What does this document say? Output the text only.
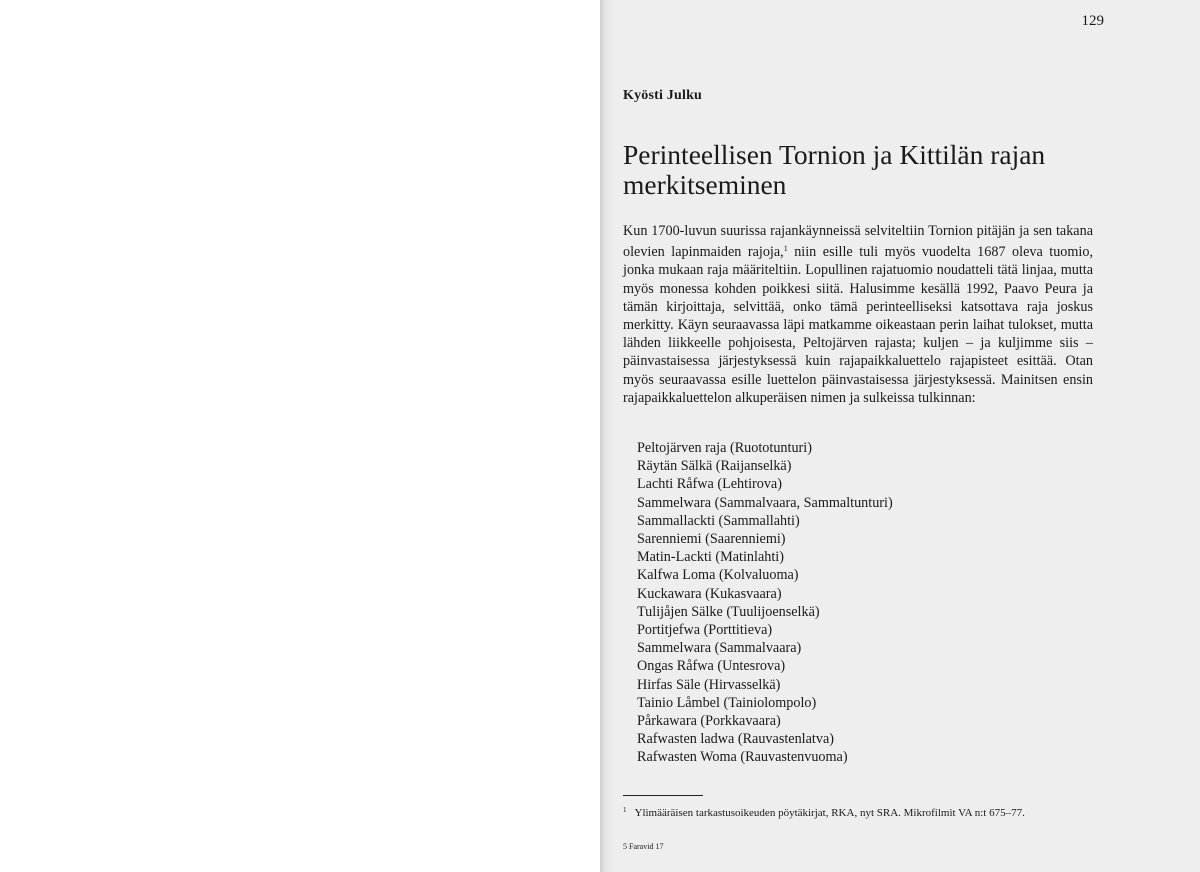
129
Kyösti Julku
Perinteellisen Tornion ja Kittilän rajan
merkitseminen

Kun 1700-luvun suurissa rajankäynneissä selviteltiin Tornion pitäjän ja sen takana olevien lapinmaiden rajoja,$^1$ niin esille tuli myös vuodelta 1687 oleva tuomio, jonka mukaan raja määriteltiin. Lopullinen rajatuomio noudatteli tätä linjaa, mutta myös monessa kohden poikkesi siitä. Halusimme kesällä 1992, Paavo Peura ja tämän kirjoittaja, selvittää, onko tämä perinteelliseksi katsottava raja joskus merkitty. Käyn seuraavassa läpi matkamme oikeastaan perin laihat tulokset, mutta lähden liikkeelle pohjoisesta, Peltojärven rajasta; kuljen – ja kuljimme siis – päinvastaisessa järjestyksessä kuin rajapaikkaluettelo rajapisteet esittää. Otan myös seuraavassa esille luettelon päinvastaisessa järjestyksessä. Mainitsen ensin rajapaikkaluettelon alkuperäisen nimen ja sulkeissa tulkinnan:

Peltojärven raja (Ruototunturi)
Räytän Sälkä (Raijanselkä)
Lachti Råfwa (Lehtirova)
Sammelwara (Sammalvaara, Sammaltunturi)
Sammallackti (Sammallahti)
Sarenniemi (Saarenniemi)
Matin-Lackti (Matinlahti)
Kalfwa Loma (Kolvaluoma)
Kuckawara (Kukasvaara)
Tulijåjen Sälke (Tuulijoenselkä)
Portitjefwa (Porttitieva)
Sammelwara (Sammalvaara)
Ongas Råfwa (Untesrova)
Hirfas Säle (Hirvasselkä)
Tainio Låmbel (Tainiolompolo)
Pårkawara (Porkkavaara)
Rafwasten ladwa (Rauvastenlatva)
Rafwasten Woma (Rauvastenvuoma)
$^1$ Ylimääräisen tarkastusoikeuden pöytäkirjat, RKA, nyt SRA. Mikrofilmit VA n:t 675–77.
5 Faravid 17
